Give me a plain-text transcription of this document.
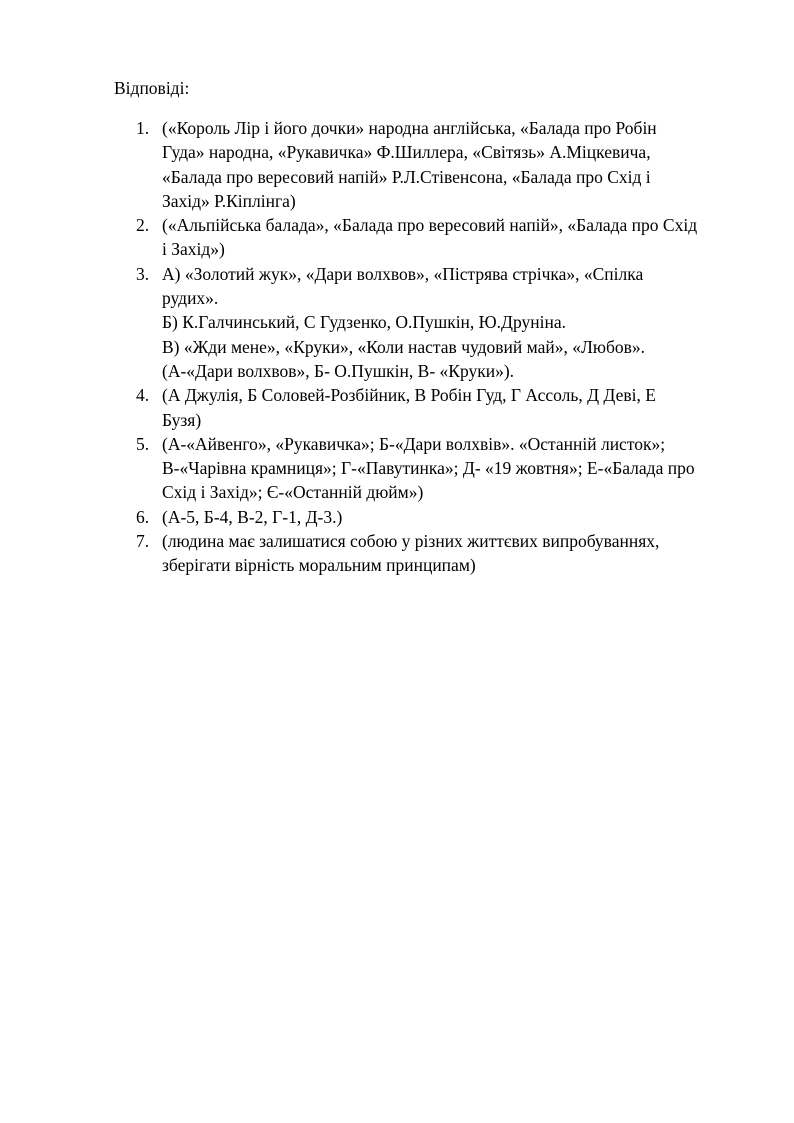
Відповіді:

1. («Король Лір і його дочки» народна англійська, «Балада про Робін
Гуда» народна, «Рукавичка» Ф.Шиллера, «Світязь» А.Міцкевича,
«Балада про вересовий напій» Р.Л.Стівенсона, «Балада про Схід і
Захід» Р.Кіплінга)
2. («Альпійська балада», «Балада про вересовий напій», «Балада про Схід
і Захід»)
3. А) «Золотий жук», «Дари волхвов», «Пістрява стрічка», «Спілка
рудих».
Б) К.Галчинський, С Гудзенко, О.Пушкін, Ю.Друніна.
В) «Жди мене», «Круки», «Коли настав чудовий май», «Любов».
(А-«Дари волхвов», Б- О.Пушкін, В- «Круки»).
4. (А Джулія, Б Соловей-Розбійник, В Робін Гуд, Г Ассоль, Д Деві, Е
Бузя)
5. (А-«Айвенго», «Рукавичка»; Б-«Дари волхвів». «Останній листок»;
В-«Чарівна крамниця»; Г-«Павутинка»; Д- «19 жовтня»; Е-«Балада про
Схід і Захід»; Є-«Останній дюйм»)
6. (А-5, Б-4, В-2, Г-1, Д-3.)
7. (людина має залишатися собою у різних життєвих випробуваннях,
зберігати вірність моральним принципам)
